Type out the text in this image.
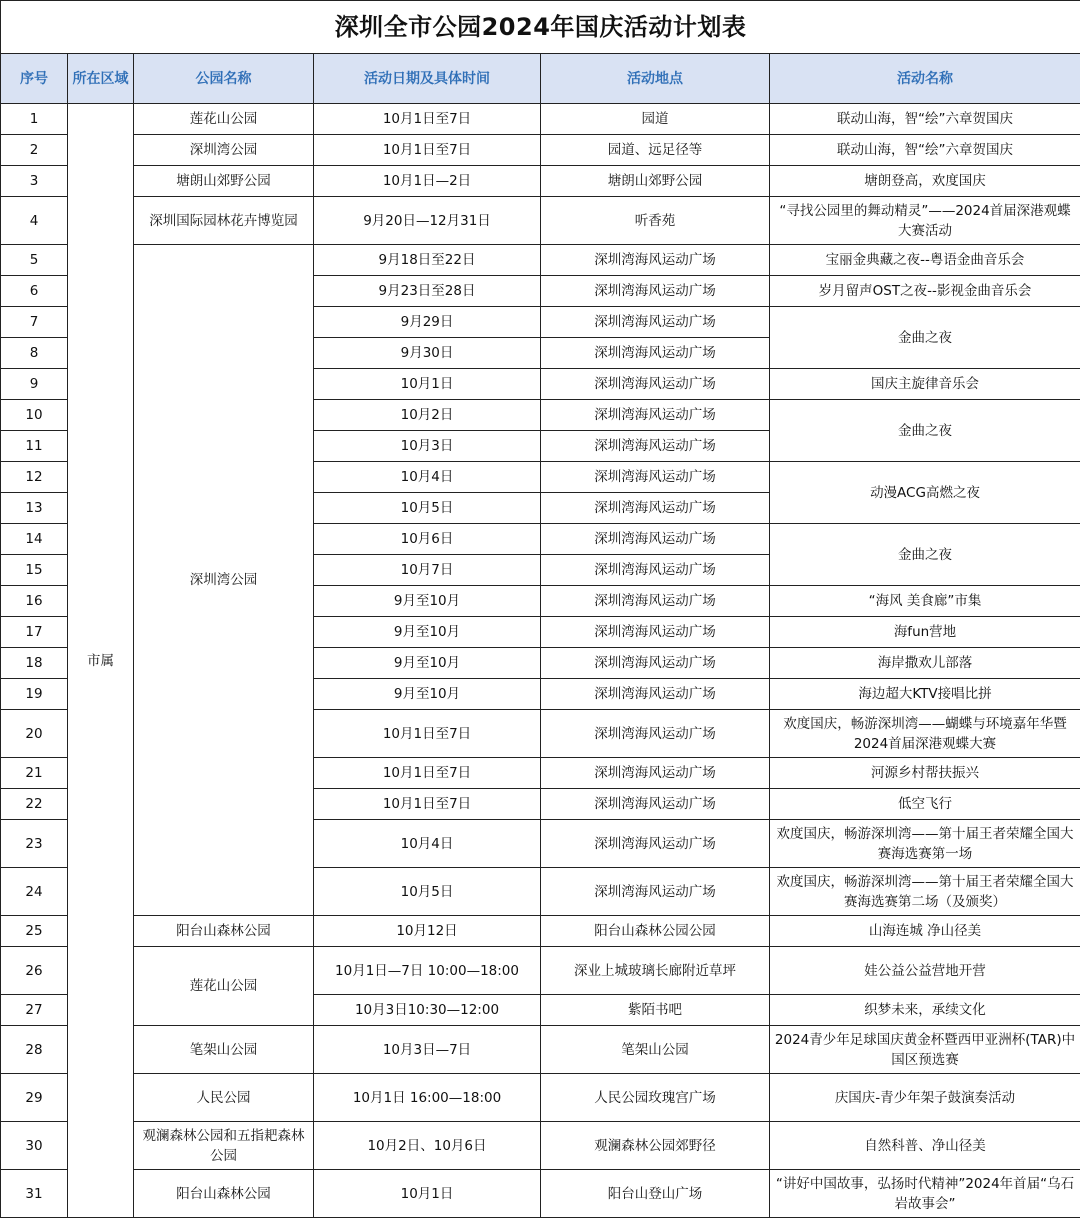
深圳全市公园2024年国庆活动计划表					
序号	所在区域	公园名称	活动日期及具体时间	活动地点	活动名称
1	市属	莲花山公园	10月1日至7日	园道	联动山海，智“绘”六章贺国庆
2		深圳湾公园	10月1日至7日	园道、远足径等	联动山海，智“绘”六章贺国庆
3		塘朗山郊野公园	10月1日—2日	塘朗山郊野公园	塘朗登高，欢度国庆
4		深圳国际园林花卉博览园	9月20日—12月31日	听香苑	“寻找公园里的舞动精灵”——2024首届深港观蝶大赛活动
5		深圳湾公园	9月18日至22日	深圳湾海风运动广场	宝丽金典藏之夜--粤语金曲音乐会
6			9月23日至28日	深圳湾海风运动广场	岁月留声OST之夜--影视金曲音乐会
7			9月29日	深圳湾海风运动广场	金曲之夜
8			9月30日	深圳湾海风运动广场	
9			10月1日	深圳湾海风运动广场	国庆主旋律音乐会
10			10月2日	深圳湾海风运动广场	金曲之夜
11			10月3日	深圳湾海风运动广场	
12			10月4日	深圳湾海风运动广场	动漫ACG高燃之夜
13			10月5日	深圳湾海风运动广场	
14			10月6日	深圳湾海风运动广场	金曲之夜
15			10月7日	深圳湾海风运动广场	
16			9月至10月	深圳湾海风运动广场	“海风 美食廊”市集
17			9月至10月	深圳湾海风运动广场	海fun营地
18			9月至10月	深圳湾海风运动广场	海岸撒欢儿部落
19			9月至10月	深圳湾海风运动广场	海边超大KTV接唱比拼
20			10月1日至7日	深圳湾海风运动广场	欢度国庆，畅游深圳湾——蝴蝶与环境嘉年华暨2024首届深港观蝶大赛
21			10月1日至7日	深圳湾海风运动广场	河源乡村帮扶振兴
22			10月1日至7日	深圳湾海风运动广场	低空飞行
23			10月4日	深圳湾海风运动广场	欢度国庆，畅游深圳湾——第十届王者荣耀全国大赛海选赛第一场
24			10月5日	深圳湾海风运动广场	欢度国庆，畅游深圳湾——第十届王者荣耀全国大赛海选赛第二场（及颁奖）
25		阳台山森林公园	10月12日	阳台山森林公园公园	山海连城 净山径美
26		莲花山公园	10月1日—7日 10:00—18:00	深业上城玻璃长廊附近草坪	娃公益公益营地开营
27			10月3日10:30—12:00	紫陌书吧	织梦未来，承续文化
28		笔架山公园	10月3日—7日	笔架山公园	2024青少年足球国庆黄金杯暨西甲亚洲杯(TAR)中国区预选赛
29		人民公园	10月1日 16:00—18:00	人民公园玫瑰宫广场	庆国庆-青少年架子鼓演奏活动
30		观澜森林公园和五指耙森林公园	10月2日、10月6日	观澜森林公园郊野径	自然科普、净山径美
31		阳台山森林公园	10月1日	阳台山登山广场	“讲好中国故事，弘扬时代精神”2024年首届“乌石岩故事会”
